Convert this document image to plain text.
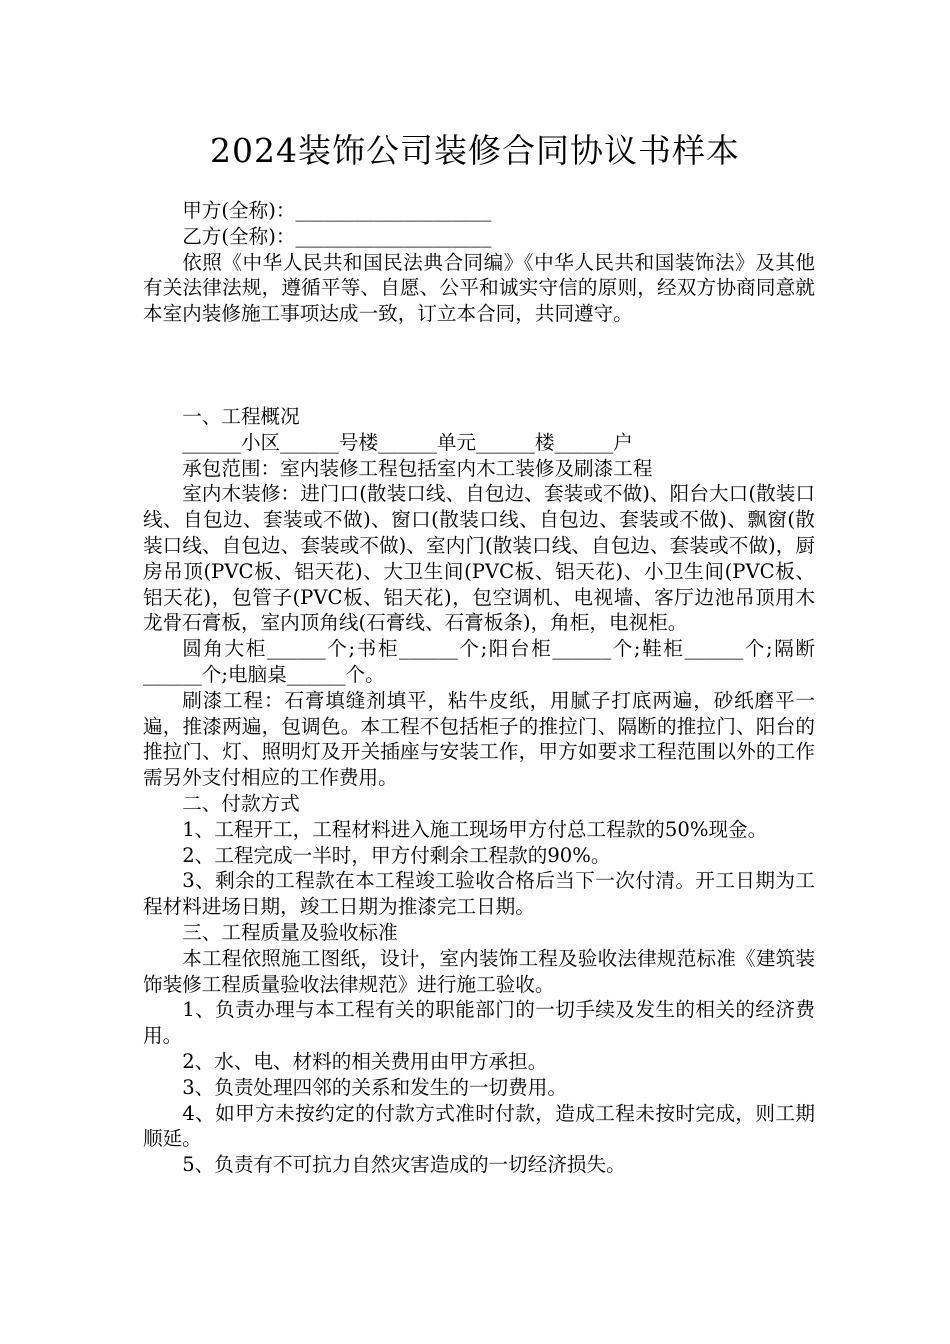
2024装饰公司装修合同协议书样本

甲方(全称)：____________________

乙方(全称)：____________________

依照《中华人民共和国民法典合同编》《中华人民共和国装饰法》及其他有关法律法规，遵循平等、自愿、公平和诚实守信的原则，经双方协商同意就本室内装修施工事项达成一致，订立本合同，共同遵守。

一、工程概况

______小区______号楼______单元______楼______户

承包范围：室内装修工程包括室内木工装修及刷漆工程

室内木装修：进门口(散装口线、自包边、套装或不做)、阳台大口(散装口线、自包边、套装或不做)、窗口(散装口线、自包边、套装或不做)、飘窗(散装口线、自包边、套装或不做)、室内门(散装口线、自包边、套装或不做)，厨房吊顶(PVC板、铝天花)、大卫生间(PVC板、铝天花)、小卫生间(PVC板、铝天花)，包管子(PVC板、铝天花)，包空调机、电视墙、客厅边池吊顶用木龙骨石膏板，室内顶角线(石膏线、石膏板条)，角柜，电视柜。

圆角大柜______个;书柜______个;阳台柜______个;鞋柜______个;隔断______个;电脑桌______个。

刷漆工程：石膏填缝剂填平，粘牛皮纸，用腻子打底两遍，砂纸磨平一遍，推漆两遍，包调色。本工程不包括柜子的推拉门、隔断的推拉门、阳台的推拉门、灯、照明灯及开关插座与安装工作，甲方如要求工程范围以外的工作需另外支付相应的工作费用。

二、付款方式

1、工程开工，工程材料进入施工现场甲方付总工程款的50%现金。

2、工程完成一半时，甲方付剩余工程款的90%。

3、剩余的工程款在本工程竣工验收合格后当下一次付清。开工日期为工程材料进场日期，竣工日期为推漆完工日期。

三、工程质量及验收标准

本工程依照施工图纸，设计，室内装饰工程及验收法律规范标准《建筑装饰装修工程质量验收法律规范》进行施工验收。

1、负责办理与本工程有关的职能部门的一切手续及发生的相关的经济费用。

2、水、电、材料的相关费用由甲方承担。

3、负责处理四邻的关系和发生的一切费用。

4、如甲方未按约定的付款方式准时付款，造成工程未按时完成，则工期顺延。

5、负责有不可抗力自然灾害造成的一切经济损失。
